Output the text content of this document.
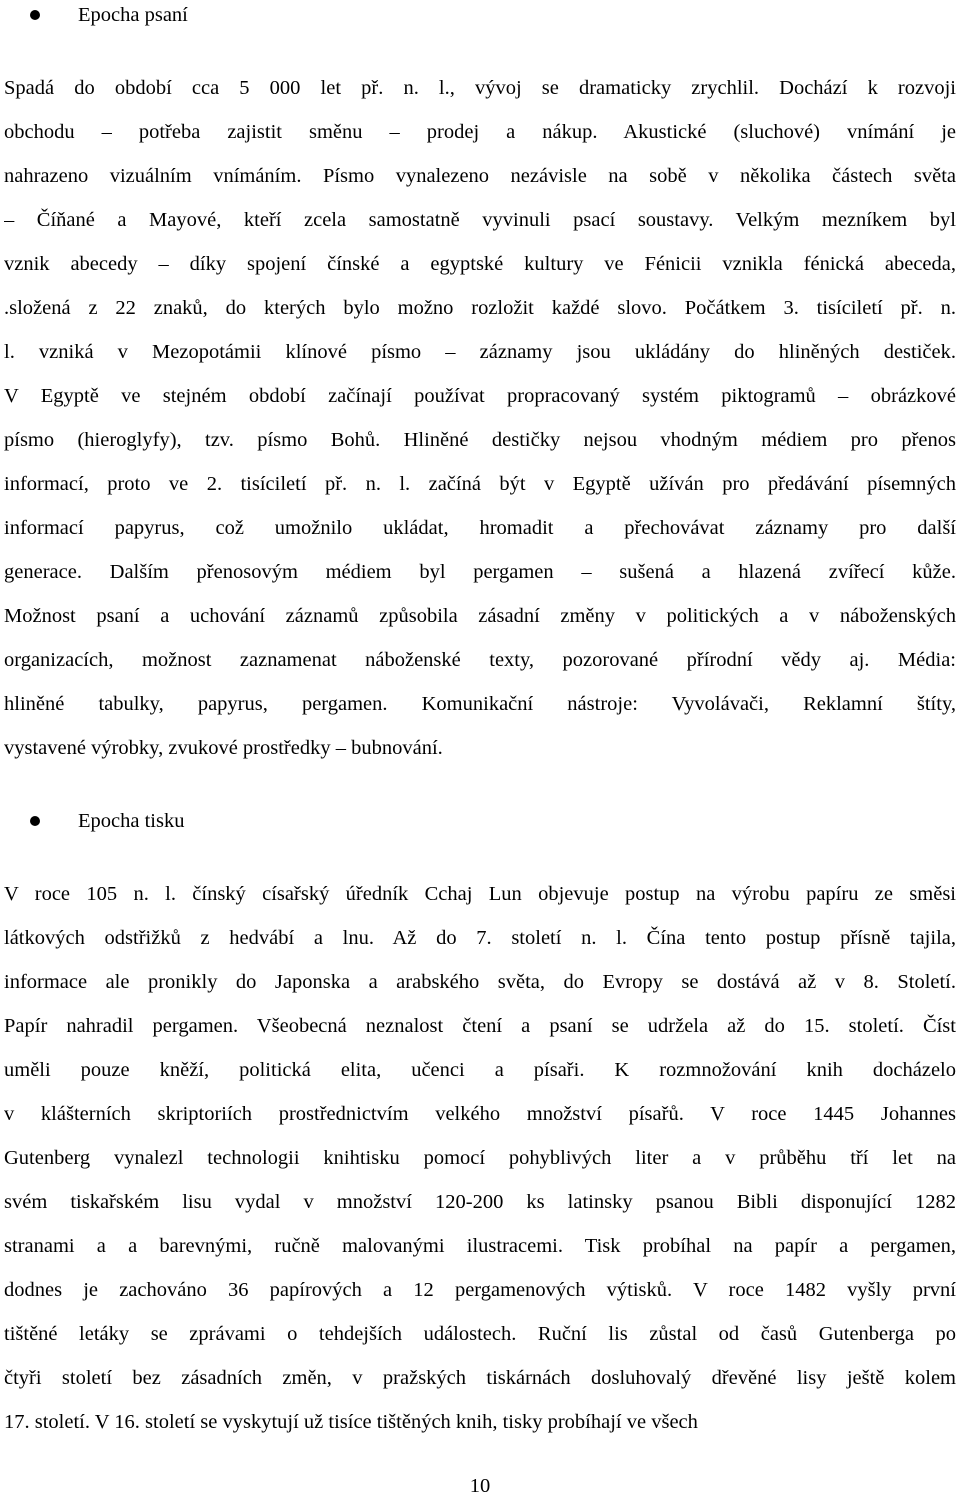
Epocha psaní
Spadá do období cca 5 000 let př. n. l., vývoj se dramaticky zrychlil. Dochází k rozvoji
obchodu – potřeba zajistit směnu – prodej a nákup. Akustické (sluchové) vnímání je
nahrazeno vizuálním vnímáním. Písmo vynalezeno nezávisle na sobě v několika částech světa
– Číňané a Mayové, kteří zcela samostatně vyvinuli psací soustavy. Velkým mezníkem byl
vznik abecedy – díky spojení čínské a egyptské kultury ve Fénicii vznikla fénická abeceda,
.složená z 22 znaků, do kterých bylo možno rozložit každé slovo. Počátkem 3. tisíciletí př. n.
l. vzniká v Mezopotámii klínové písmo – záznamy jsou ukládány do hliněných destiček.
V Egyptě ve stejném období začínají používat propracovaný systém piktogramů – obrázkové
písmo (hieroglyfy), tzv. písmo Bohů. Hliněné destičky nejsou vhodným médiem pro přenos
informací, proto ve 2. tisíciletí př. n. l. začíná být v Egyptě užíván pro předávání písemných
informací papyrus, což umožnilo ukládat, hromadit a přechovávat záznamy pro další
generace. Dalším přenosovým médiem byl pergamen – sušená a hlazená zvířecí kůže.
Možnost psaní a uchování záznamů způsobila zásadní změny v politických a v náboženských
organizacích, možnost zaznamenat náboženské texty, pozorované přírodní vědy aj. Média:
hliněné tabulky, papyrus, pergamen. Komunikační nástroje: Vyvolávači, Reklamní štíty,
vystavené výrobky, zvukové prostředky – bubnování.
Epocha tisku
V roce 105 n. l. čínský císařský úředník Cchaj Lun objevuje postup na výrobu papíru ze směsi
látkových odstřižků z hedvábí a lnu. Až do 7. století n. l. Čína tento postup přísně tajila,
informace ale pronikly do Japonska a arabského světa, do Evropy se dostává až v 8. Století.
Papír nahradil pergamen. Všeobecná neznalost čtení a psaní se udržela až do 15. století. Číst
uměli pouze kněží, politická elita, učenci a písaři. K rozmnožování knih docházelo
v klášterních skriptoriích prostřednictvím velkého množství písařů. V roce 1445 Johannes
Gutenberg vynalezl technologii knihtisku pomocí pohyblivých liter a v průběhu tří let na
svém tiskařském lisu vydal v množství 120-200 ks latinsky psanou Bibli disponující 1282
stranami a a barevnými, ručně malovanými ilustracemi. Tisk probíhal na papír a pergamen,
dodnes je zachováno 36 papírových a 12 pergamenových výtisků. V roce 1482 vyšly první
tištěné letáky se zprávami o tehdejších událostech. Ruční lis zůstal od časů Gutenberga po
čtyři století bez zásadních změn, v pražských tiskárnách dosluhovalý dřevěné lisy ještě kolem
17. století. V 16. století se vyskytují už tisíce tištěných knih, tisky probíhají ve všech
10
